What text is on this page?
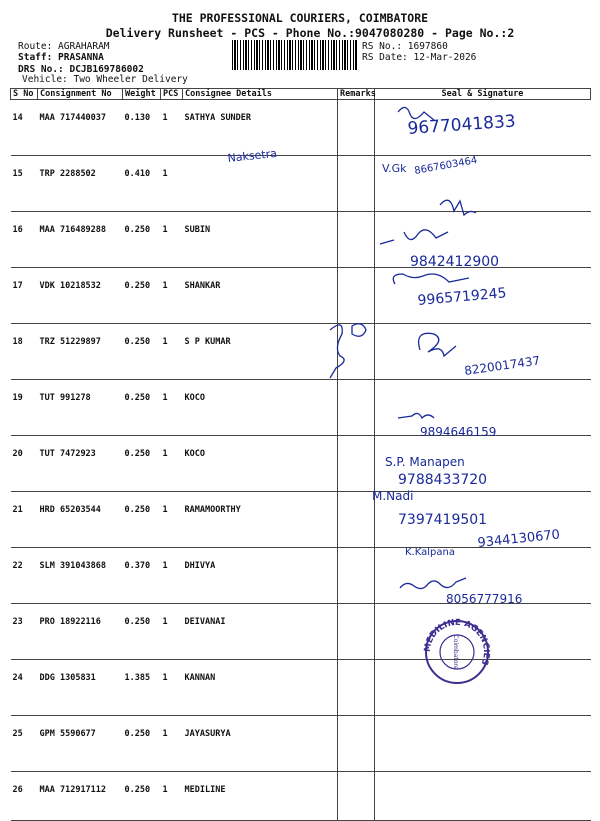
THE PROFESSIONAL COURIERS, COIMBATORE
Delivery Runsheet - PCS - Phone No.:9047080280 - Page No.:2
Route: AGRAHARAM
Staff: PRASANNA
DRS No.: DCJB169786002
Vehicle: Two Wheeler Delivery
RS No.: 1697860
RS Date: 12-Mar-2026
S No	Consignment No	Weight	PCS	Consignee Details	Remarks	Seal & Signature
14	MAA 717440037	0.130	1	SATHYA SUNDER		
15	TRP 2288502	0.410	1			
16	MAA 716489288	0.250	1	SUBIN		
17	VDK 10218532	0.250	1	SHANKAR		
18	TRZ 51229897	0.250	1	S P KUMAR		
19	TUT 991278	0.250	1	KOCO		
20	TUT 7472923	0.250	1	KOCO		
21	HRD 65203544	0.250	1	RAMAMOORTHY		
22	SLM 391043868	0.370	1	DHIVYA		
23	PRO 18922116	0.250	1	DEIVANAI		
24	DDG 1305831	1.385	1	KANNAN		
25	GPM 5590677	0.250	1	JAYASURYA		
26	MAA 712917112	0.250	1	MEDILINE		
9677041833
Naksetra
V.Gk 8667603464
9842412900
9965719245
8220017437
9894646159
S.P. Manapen
9788433720
M.Nadi
7397419501
K.Kalpana
9344130670
8056777916
MEDILINE AGENCIES
Coimbatore
